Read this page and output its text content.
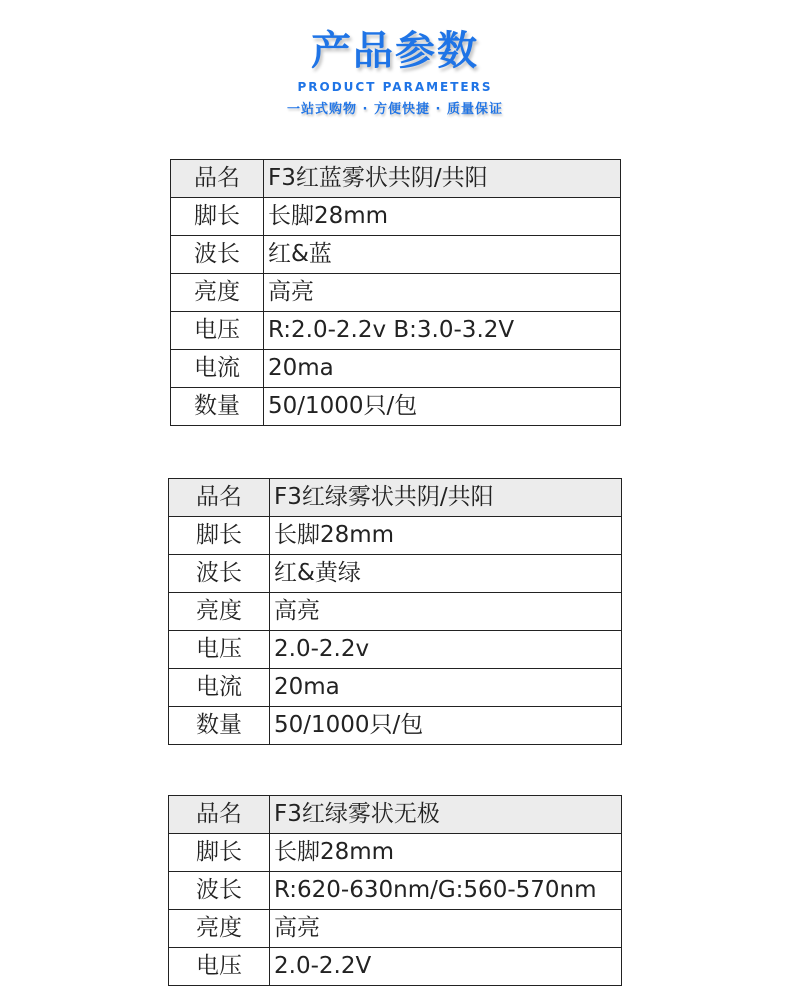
产品参数
PRODUCT PARAMETERS
一站式购物 · 方便快捷 · 质量保证
品名	F3红蓝雾状共阴/共阳
脚长	长脚28mm
波长	红&蓝
亮度	高亮
电压	R:2.0-2.2v B:3.0-3.2V
电流	20ma
数量	50/1000只/包
品名	F3红绿雾状共阴/共阳
脚长	长脚28mm
波长	红&黄绿
亮度	高亮
电压	2.0-2.2v
电流	20ma
数量	50/1000只/包
品名	F3红绿雾状无极
脚长	长脚28mm
波长	R:620-630nm/G:560-570nm
亮度	高亮
电压	2.0-2.2V
